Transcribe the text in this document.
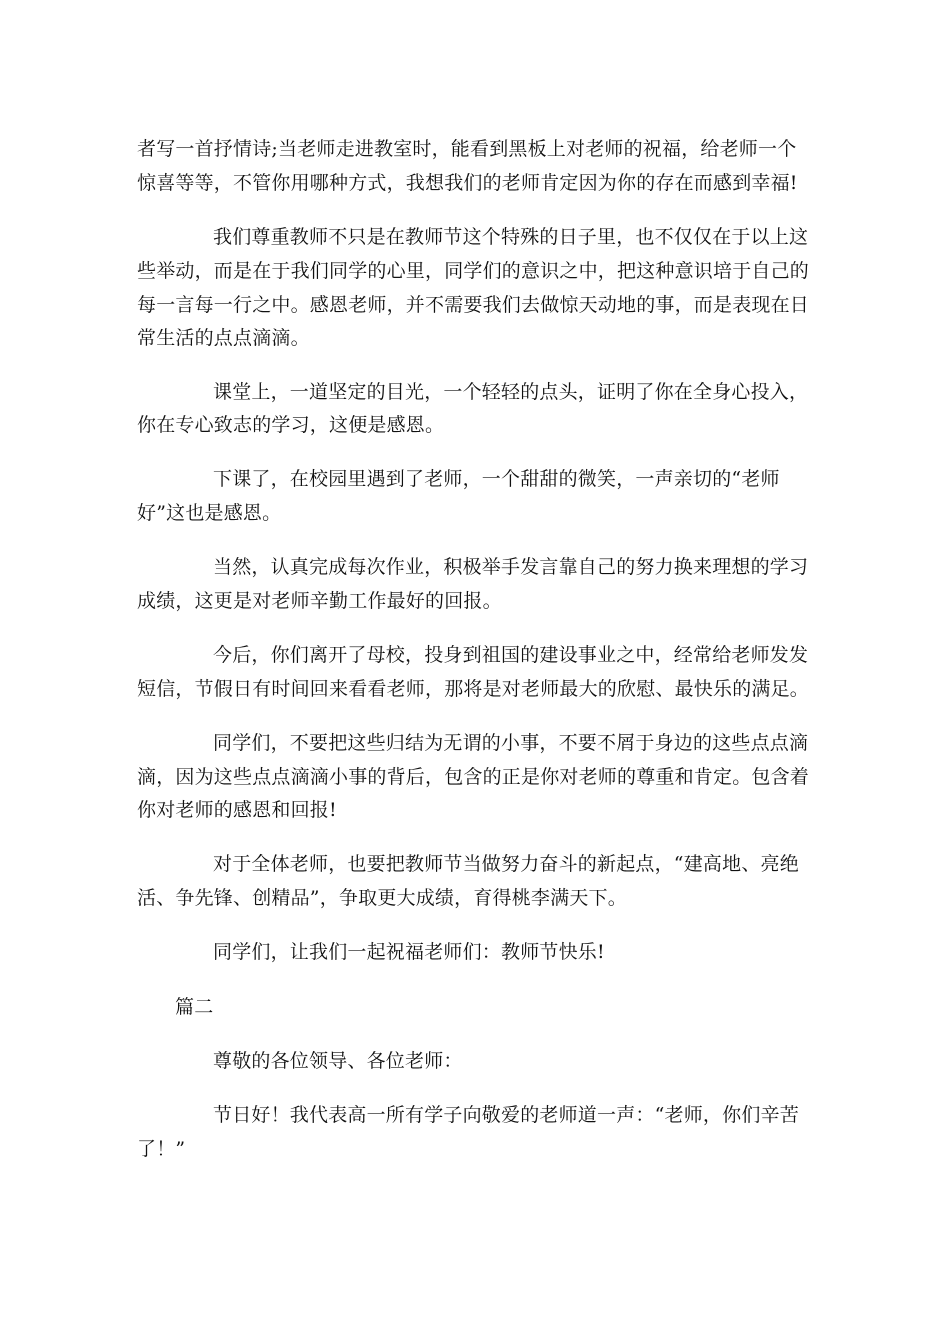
者写一首抒情诗;当老师走进教室时，能看到黑板上对老师的祝福，给老师一个
惊喜等等，不管你用哪种方式，我想我们的老师肯定因为你的存在而感到幸福!
我们尊重教师不只是在教师节这个特殊的日子里，也不仅仅在于以上这
些举动，而是在于我们同学的心里，同学们的意识之中，把这种意识培于自己的
每一言每一行之中。感恩老师，并不需要我们去做惊天动地的事，而是表现在日
常生活的点点滴滴。
课堂上，一道坚定的目光，一个轻轻的点头，证明了你在全身心投入，
你在专心致志的学习，这便是感恩。
下课了，在校园里遇到了老师，一个甜甜的微笑，一声亲切的“老师
好”这也是感恩。
当然，认真完成每次作业，积极举手发言靠自己的努力换来理想的学习
成绩，这更是对老师辛勤工作最好的回报。
今后，你们离开了母校，投身到祖国的建设事业之中，经常给老师发发
短信，节假日有时间回来看看老师，那将是对老师最大的欣慰、最快乐的满足。
同学们，不要把这些归结为无谓的小事，不要不屑于身边的这些点点滴
滴，因为这些点点滴滴小事的背后，包含的正是你对老师的尊重和肯定。包含着
你对老师的感恩和回报!
对于全体老师，也要把教师节当做努力奋斗的新起点，“建高地、亮绝
活、争先锋、创精品”，争取更大成绩，育得桃李满天下。
同学们，让我们一起祝福老师们：教师节快乐!
篇二
尊敬的各位领导、各位老师：
节日好！我代表高一所有学子向敬爱的老师道一声：“老师，你们辛苦
了！”
